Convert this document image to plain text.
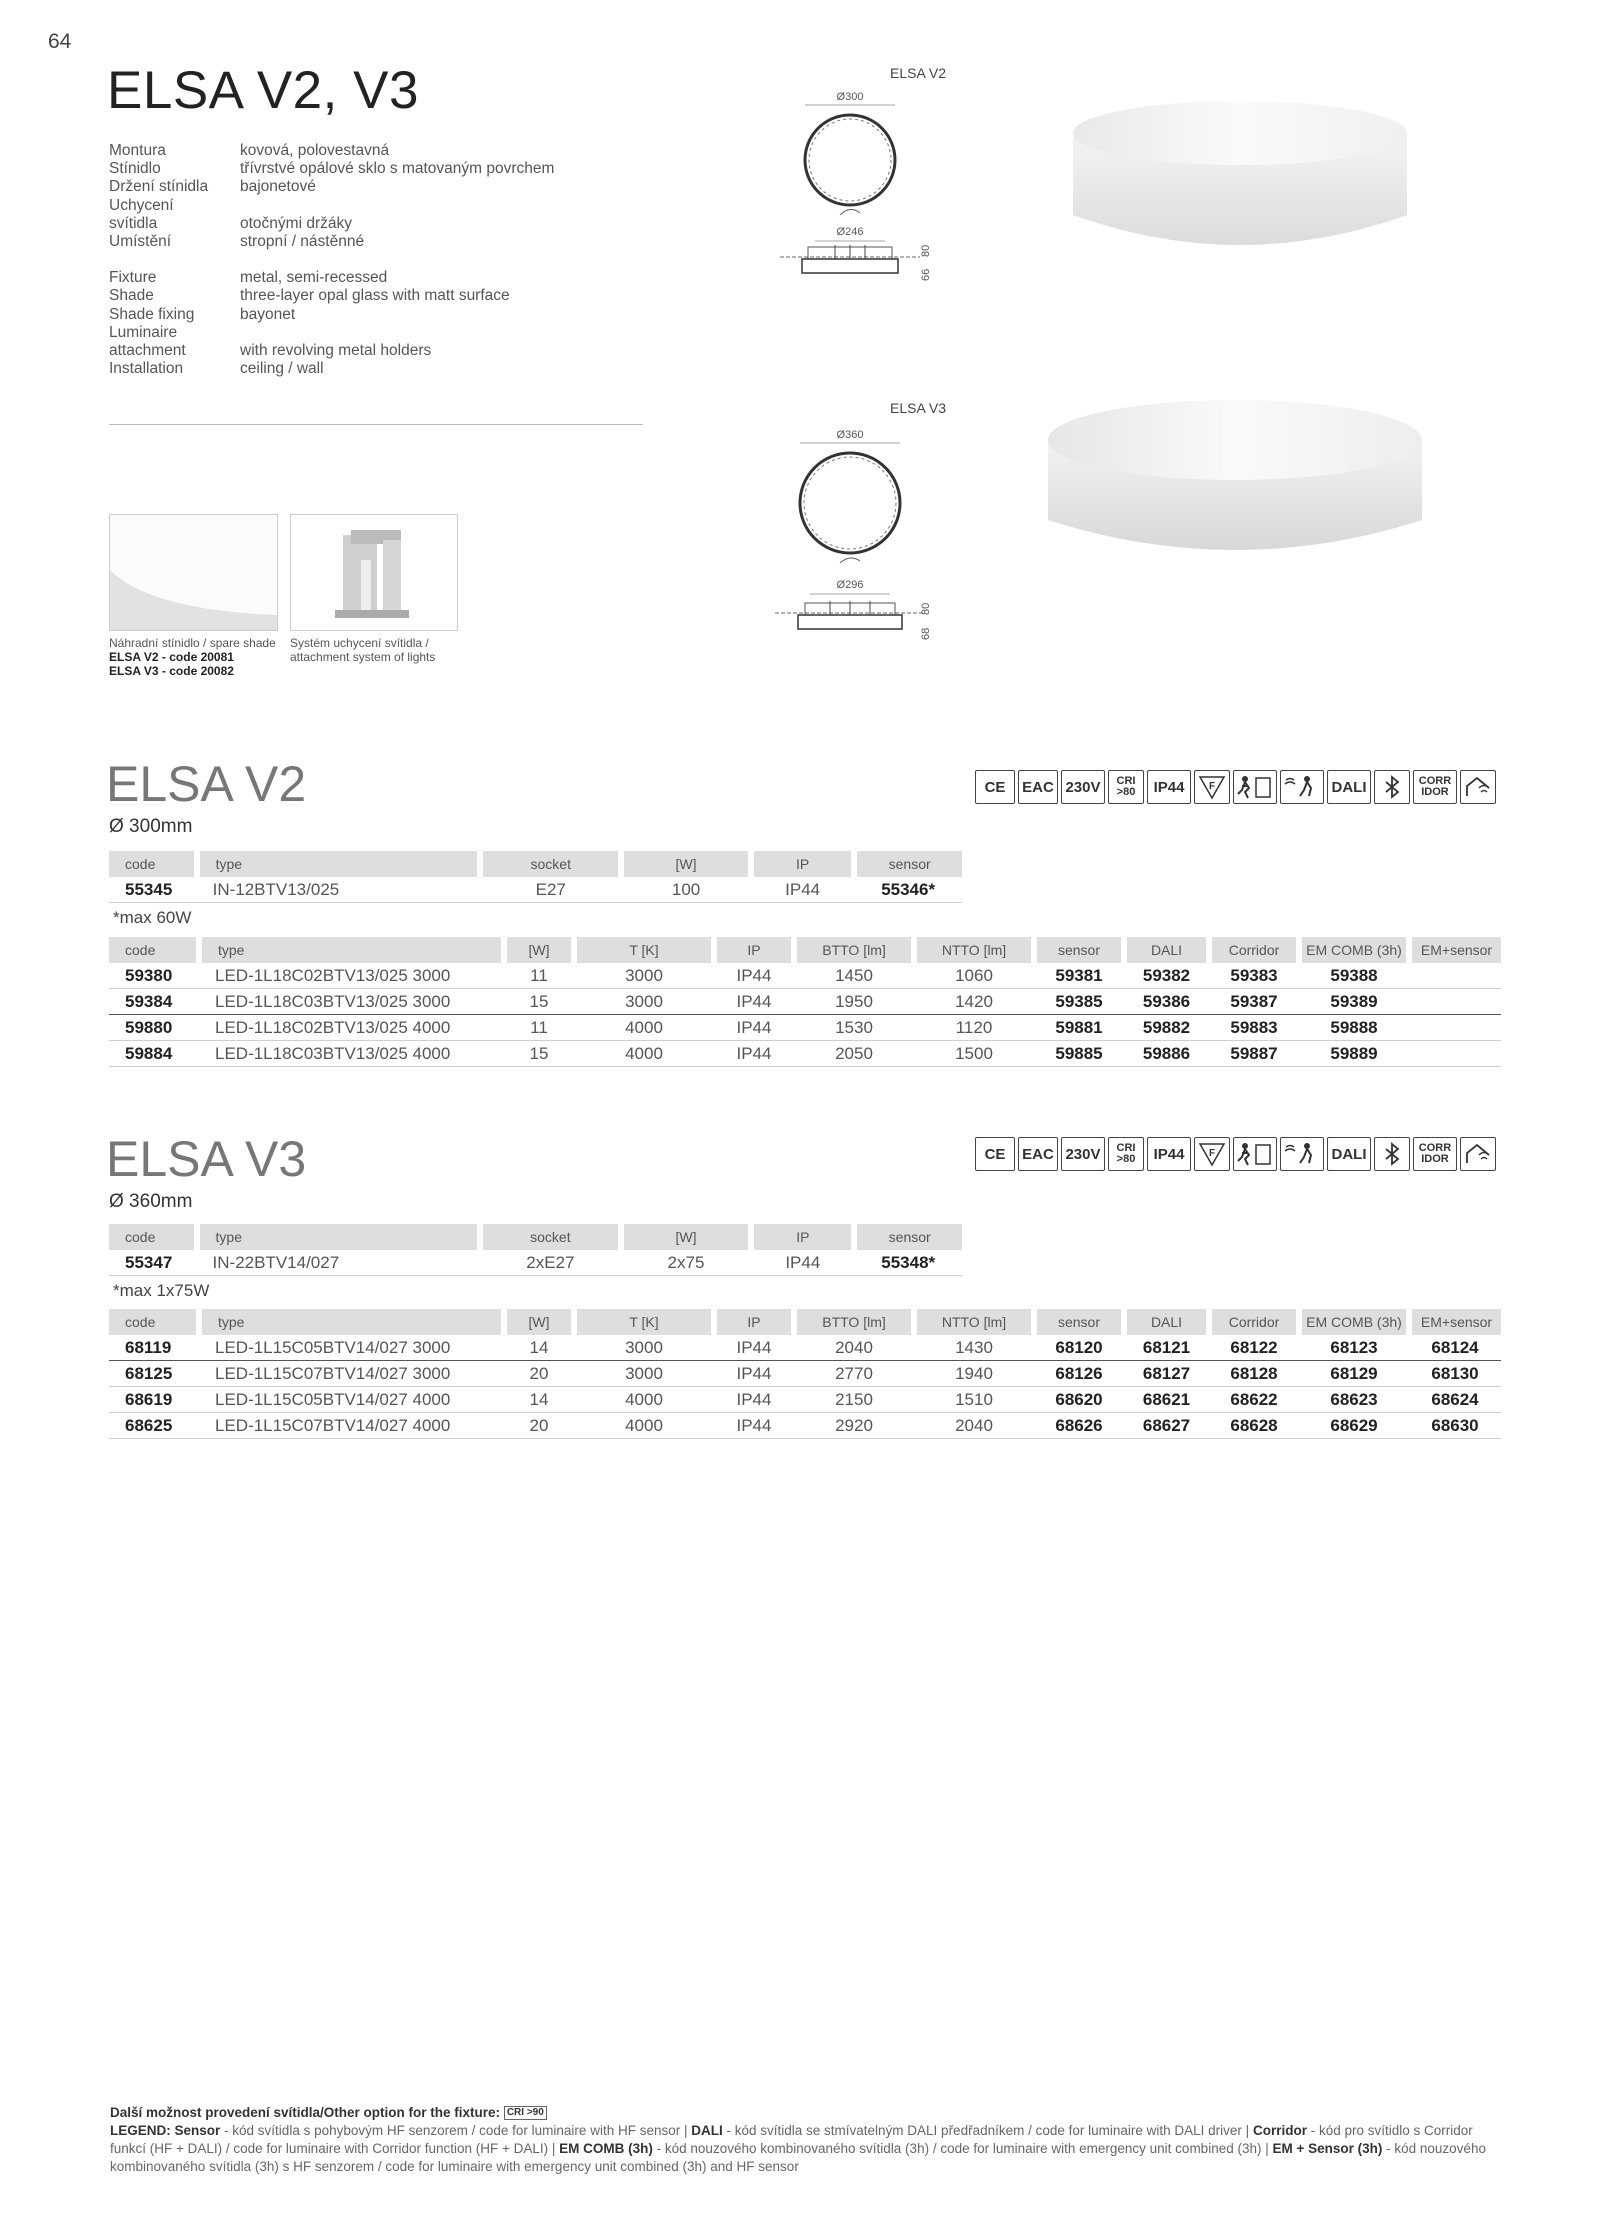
64
ELSA V2, V3
Montura	kovová, polovestavná
Stínidlo	třívrstvé opálové sklo s matovaným povrchem
Držení stínidla	bajonetové
Uchycení
svítidla	otočnými držáky
Umístění	stropní / nástěnné
Fixture	metal, semi-recessed
Shade	three-layer opal glass with matt surface
Shade fixing	bayonet
Luminaire
attachment	with revolving metal holders
Installation	ceiling / wall
Náhradní stínidlo / spare shade
ELSA V2 - code 20081
ELSA V3 - code 20082
Systém uchycení svítidla /
attachment system of lights
ELSA V2
Ø300
Ø246
66
80
ELSA V3
Ø360
Ø296
68
80
ELSA V2
Ø 300mm
CE EAC 230V CRI
>80 IP44 F	DALI	CORR
IDOR
code	type	socket	[W]	IP	sensor
55345	IN-12BTV13/025	E27	100	IP44	55346*
*max 60W
code	type	[W]	T [K]	IP	BTTO [lm]	NTTO [lm]	sensor	DALI	Corridor	EM COMB (3h)	EM+sensor
59380	LED-1L18C02BTV13/025 3000	11	3000	IP44	1450	1060	59381	59382	59383	59388	
59384	LED-1L18C03BTV13/025 3000	15	3000	IP44	1950	1420	59385	59386	59387	59389	
59880	LED-1L18C02BTV13/025 4000	11	4000	IP44	1530	1120	59881	59882	59883	59888	
59884	LED-1L18C03BTV13/025 4000	15	4000	IP44	2050	1500	59885	59886	59887	59889	
ELSA V3
Ø 360mm
CE EAC 230V CRI
>80 IP44 F	DALI	CORR
IDOR
code	type	socket	[W]	IP	sensor
55347	IN-22BTV14/027	2xE27	2x75	IP44	55348*
*max 1x75W
code	type	[W]	T [K]	IP	BTTO [lm]	NTTO [lm]	sensor	DALI	Corridor	EM COMB (3h)	EM+sensor
68119	LED-1L15C05BTV14/027 3000	14	3000	IP44	2040	1430	68120	68121	68122	68123	68124
68125	LED-1L15C07BTV14/027 3000	20	3000	IP44	2770	1940	68126	68127	68128	68129	68130
68619	LED-1L15C05BTV14/027 4000	14	4000	IP44	2150	1510	68620	68621	68622	68623	68624
68625	LED-1L15C07BTV14/027 4000	20	4000	IP44	2920	2040	68626	68627	68628	68629	68630
Další možnost provedení svítidla/Other option for the fixture: CRI >90
LEGEND: Sensor - kód svítidla s pohybovým HF senzorem / code for luminaire with HF sensor | DALI - kód svítidla se stmívatelným DALI předřadníkem / code for luminaire with DALI driver | Corridor - kód pro svítidlo s Corridor funkcí (HF + DALI) / code for luminaire with Corridor function (HF + DALI) | EM COMB (3h) - kód nouzového kombinovaného svítidla (3h) / code for luminaire with emergency unit combined (3h) | EM + Sensor (3h) - kód nouzového kombinovaného svítidla (3h) s HF senzorem / code for luminaire with emergency unit combined (3h) and HF sensor
